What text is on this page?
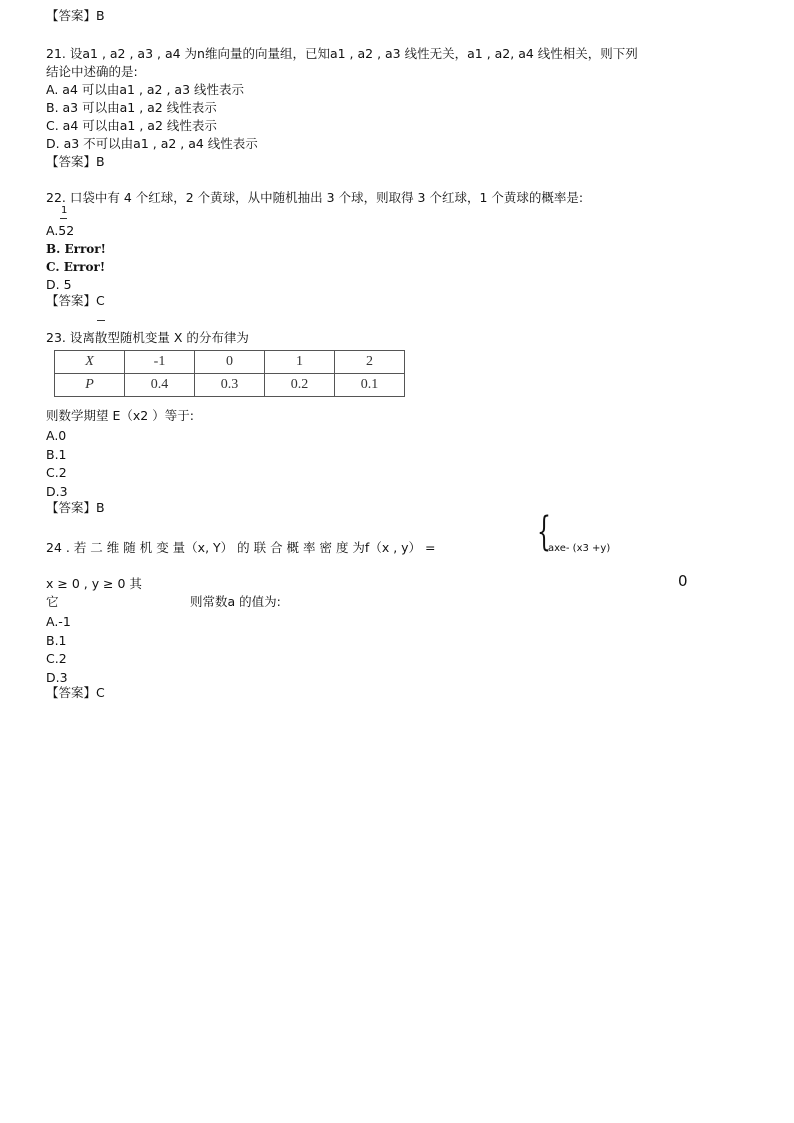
【答案】B
21. 设a1 , a2 , a3 , a4 为n维向量的向量组，已知a1 , a2 , a3 线性无关，a1 , a2, a4 线性相关，则下列
结论中述确的是:
A. a4 可以由a1 , a2 , a3 线性表示
B. a3 可以由a1 , a2 线性表示
C. a4 可以由a1 , a2 线性表示
D. a3 不可以由a1 , a2 , a4 线性表示
【答案】B
22. 口袋中有 4 个红球，2 个黄球，从中随机抽出 3 个球，则取得 3 个红球，1 个黄球的概率是:
1
A.52
B. Error!
C. Error!
D. 5
【答案】C
23. 设离散型随机变量 X 的分布律为
X	-1	0	1	2
P	0.4	0.3	0.2	0.1
则数学期望 E（x2 ）等于:
A.0
B.1
C.2
D.3
【答案】B
24 . 若 二 维 随 机 变 量（x, Y） 的 联 合 概 率 密 度 为f（x , y） =	{
axe- (x3 +y)
x ≥ 0 , y ≥ 0 其	0
它	则常数a 的值为:
A.-1
B.1
C.2
D.3
【答案】C
